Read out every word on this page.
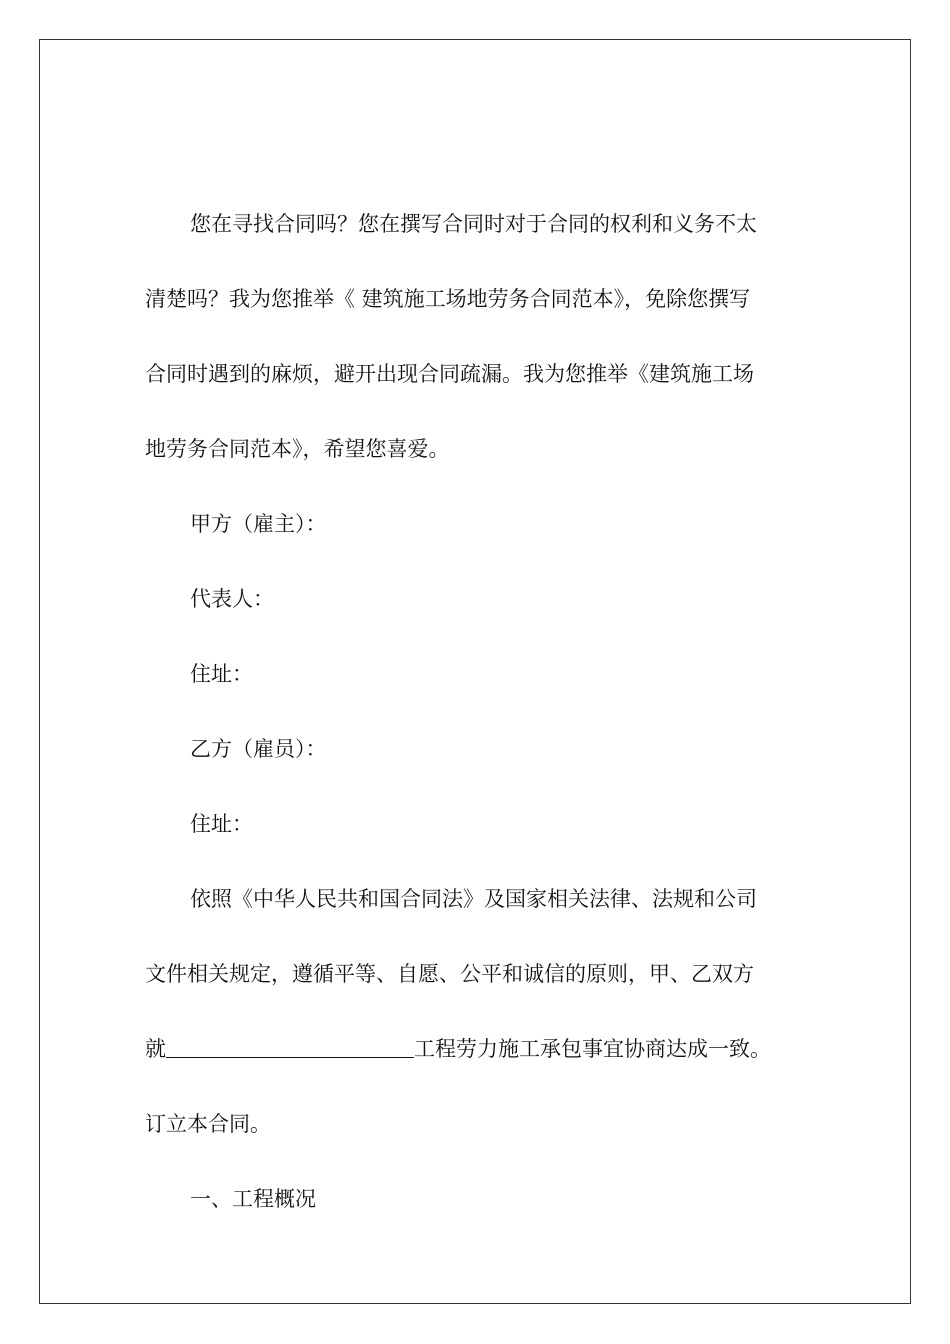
您在寻找合同吗？您在撰写合同时对于合同的权利和义务不太
清楚吗？我为您推举《 建筑施工场地劳务合同范本》，免除您撰写
合同时遇到的麻烦，避开出现合同疏漏。我为您推举《建筑施工场
地劳务合同范本》，希望您喜爱。
甲方（雇主）：
代表人：
住址：
乙方（雇员）：
住址：
依照《中华人民共和国合同法》及国家相关法律、法规和公司
文件相关规定，遵循平等、自愿、公平和诚信的原则，甲、乙双方
就	工程劳力施工承包事宜协商达成一致。
订立本合同。
一、工程概况
